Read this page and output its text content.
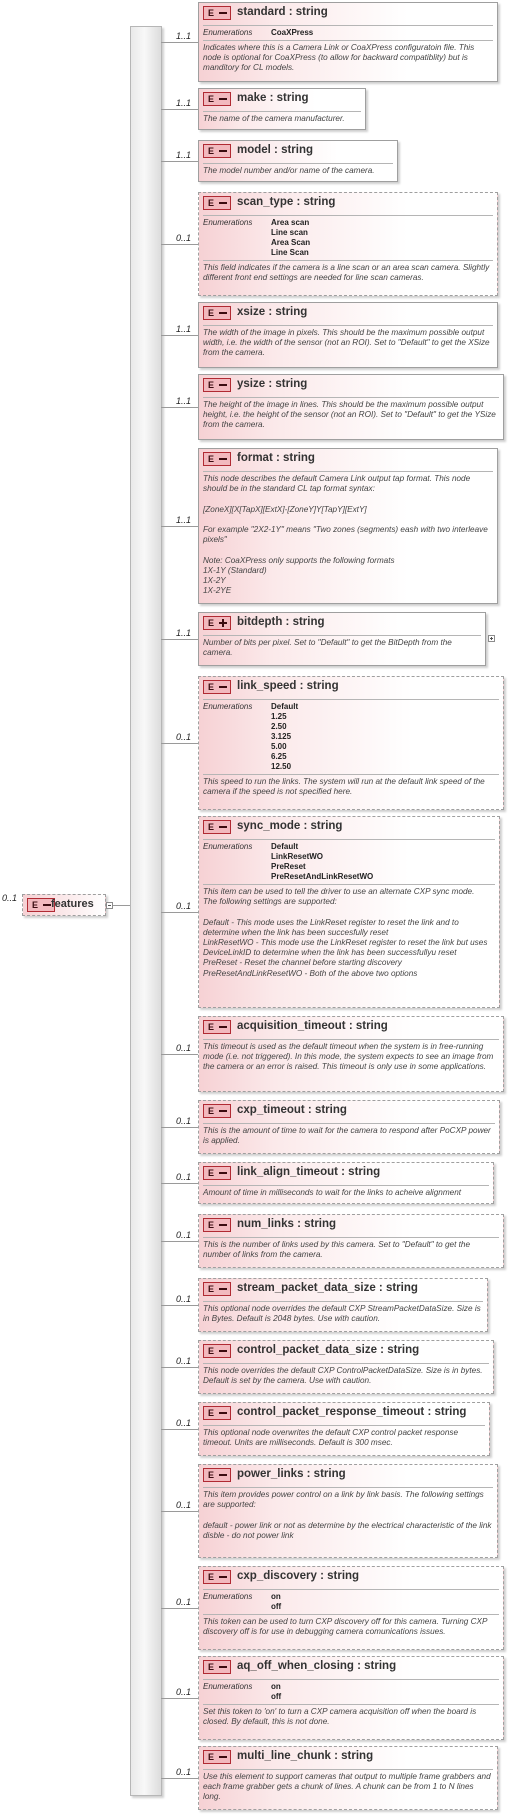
0..1
E features
1..1
E standard : string
Enumerations CoaXPress
Indicates where this is a Camera Link or CoaXPress configuratoin file. This node is optional for CoaXPress (to allow for backward compatiblity) but is manditory for CL models.
1..1 E make : string
The name of the camera manufacturer.
1..1 E model : string
The model number and/or name of the camera.
0..1
E scan_type : string
Enumerations Area scan
Line scan
Area Scan
Line Scan
This field indicates if the camera is a line scan or an area scan camera. Slightly different front end settings are needed for line scan cameras.
1..1
E xsize : string
The width of the image in pixels. This should be the maximum possible output width, i.e. the width of the sensor (not an ROI). Set to "Default" to get the XSize from the camera.
1..1
E ysize : string
The height of the image in lines. This should be the maximum possible output height, i.e. the height of the sensor (not an ROI). Set to "Default" to get the YSize from the camera.
1..1
E format : string
This node describes the default Camera Link output tap format. This node should be in the standard CL tap format syntax:

[ZoneX][X[TapX][ExtX]-[ZoneY]Y[TapY][ExtY]

For example "2X2-1Y" means "Two zones (segments) eash with two interleave pixels"

Note: CoaXPress only supports the following formats
1X-1Y (Standard)
1X-2Y
1X-2YE
1..1
E bitdepth : string
Number of bits per pixel. Set to "Default" to get the BitDepth from the camera.
0..1
E link_speed : string
Enumerations Default
1.25
2.50
3.125
5.00
6.25
12.50
This speed to run the links. The system will run at the default link speed of the camera if the speed is not specified here.
0..1
E sync_mode : string
Enumerations Default
LinkResetWO
PreReset
PreResetAndLinkResetWO
This item can be used to tell the driver to use an alternate CXP sync mode.
The following settings are supported:

Default - This mode uses the LinkReset register to reset the link and to determine when the link has been succesfully reset
LinkResetWO - This mode use the LinkReset register to reset the link but uses DeviceLinkID to determine when the link has been successfullyu reset
PreReset - Reset the channel before starting discovery
PreResetAndLinkResetWO - Both of the above two options
0..1
E acquisition_timeout : string
This timeout is used as the default timeout when the system is in free-running mode (i.e. not triggered). In this mode, the system expects to see an image from the camera or an error is raised. This timeout is only use in some applications.
0..1
E cxp_timeout : string
This is the amount of time to wait for the camera to respond after PoCXP power is applied.
0..1 E link_align_timeout : string
Amount of time in milliseconds to wait for the links to acheive alignment
0..1
E num_links : string
This is the number of links used by this camera. Set to "Default" to get the number of links from the camera.
0..1
E stream_packet_data_size : string
This optional node overrides the default CXP StreamPacketDataSize. Size is in Bytes. Default is 2048 bytes. Use with caution.
0..1
E control_packet_data_size : string
This node overrides the default CXP ControlPacketDataSize. Size is in bytes. Default is set by the camera. Use with caution.
0..1
E control_packet_response_timeout : string
This optional node overwrites the default CXP control packet response timeout. Units are milliseconds. Default is 300 msec.
0..1
E power_links : string
This item provides power control on a link by link basis. The following settings are supported:

default - power link or not as determine by the electrical characteristic of the link
disble - do not power link
0..1
E cxp_discovery : string
Enumerations on
off
This token can be used to turn CXP discovery off for this camera. Turning CXP discovery off is for use in debugging camera comunications issues.
0..1
E aq_off_when_closing : string
Enumerations on
off
Set this token to 'on' to turn a CXP camera acquisition off when the board is closed. By default, this is not done.
0..1
E multi_line_chunk : string
Use this element to support cameras that output to multiple frame grabbers and each frame grabber gets a chunk of lines. A chunk can be from 1 to N lines long.
